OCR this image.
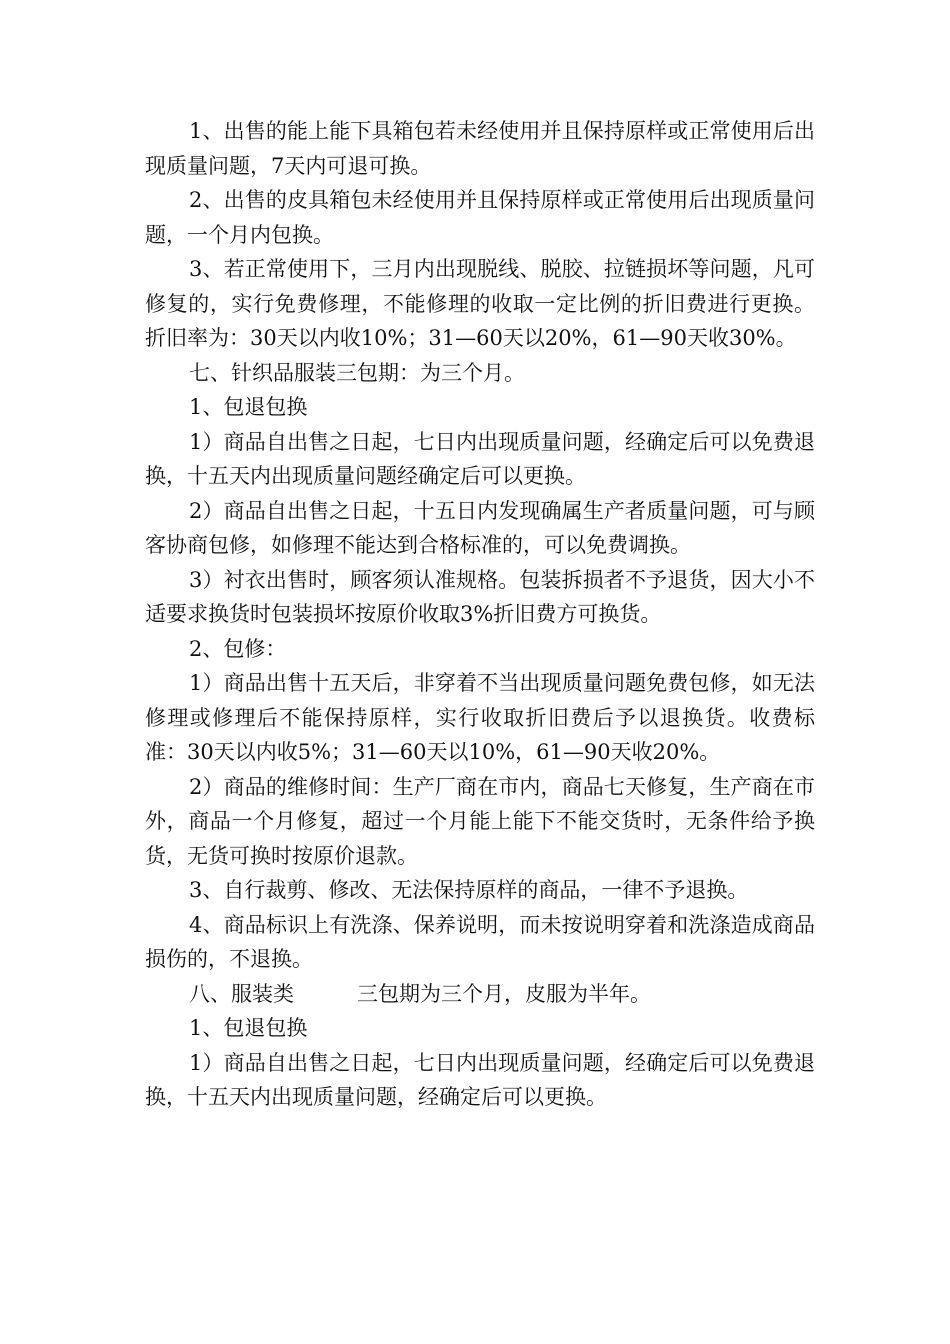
1、出售的能上能下具箱包若未经使用并且保持原样或正常使用后出现质量问题，7天内可退可换。

2、出售的皮具箱包未经使用并且保持原样或正常使用后出现质量问题，一个月内包换。

3、若正常使用下，三月内出现脱线、脱胶、拉链损坏等问题，凡可修复的，实行免费修理，不能修理的收取一定比例的折旧费进行更换。折旧率为：30天以内收10%；31—60天以20%，61—90天收30%。

七、针织品服装三包期：为三个月。

1、包退包换

1）商品自出售之日起，七日内出现质量问题，经确定后可以免费退换，十五天内出现质量问题经确定后可以更换。

2）商品自出售之日起，十五日内发现确属生产者质量问题，可与顾客协商包修，如修理不能达到合格标准的，可以免费调换。

3）衬衣出售时，顾客须认准规格。包装拆损者不予退货，因大小不适要求换货时包装损坏按原价收取3%折旧费方可换货。

2、包修：

1）商品出售十五天后，非穿着不当出现质量问题免费包修，如无法修理或修理后不能保持原样，实行收取折旧费后予以退换货。收费标准：30天以内收5%；31—60天以10%，61—90天收20%。

2）商品的维修时间：生产厂商在市内，商品七天修复，生产商在市外，商品一个月修复，超过一个月能上能下不能交货时，无条件给予换货，无货可换时按原价退款。

3、自行裁剪、修改、无法保持原样的商品，一律不予退换。

4、商品标识上有洗涤、保养说明，而未按说明穿着和洗涤造成商品损伤的，不退换。

八、服装类　　　三包期为三个月，皮服为半年。

1、包退包换

1）商品自出售之日起，七日内出现质量问题，经确定后可以免费退换，十五天内出现质量问题，经确定后可以更换。
